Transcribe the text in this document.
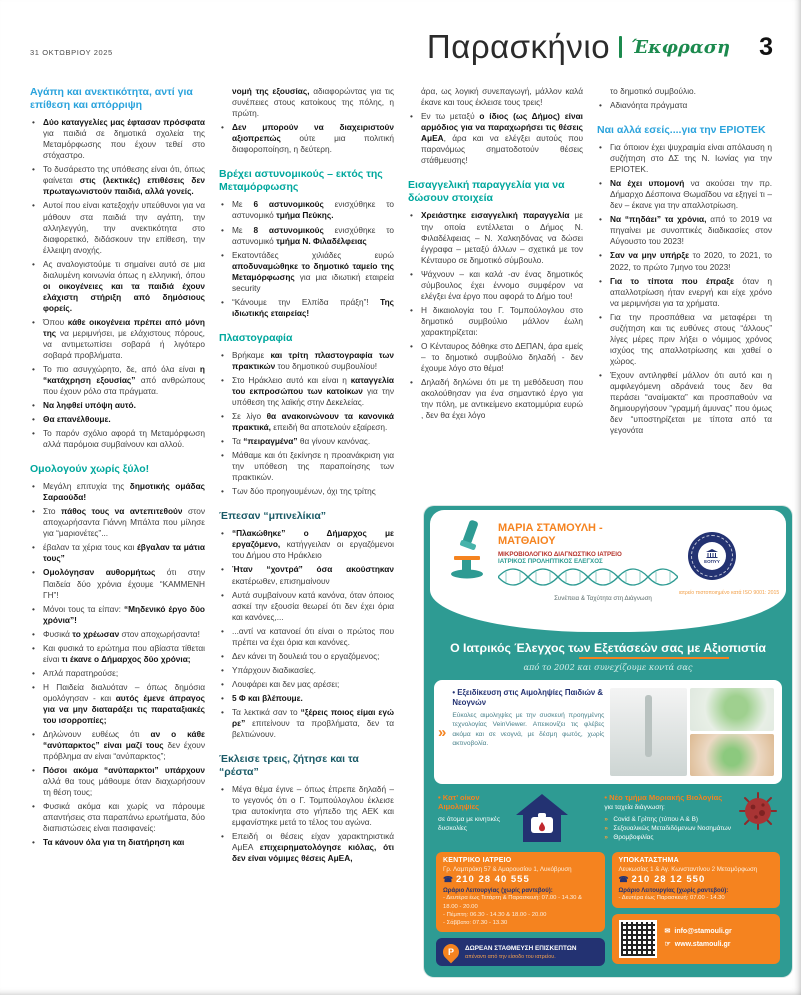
31 ΟΚΤΩΒΡΙΟΥ 2025	Παρασκήνιο Έκφραση 3
Αγάπη και ανεκτικότητα, αντί για επίθεση και απόρριψη
• Δύο καταγγελίες μας έφτασαν πρόσφατα για παιδιά σε δημοτικά σχολεία της Μεταμόρφωσης που έχουν τεθεί στο στόχαστρο.
• Το δυσάρεστο της υπόθεσης είναι ότι, όπως φαίνεται στις (λεκτικές) επιθέσεις δεν πρωταγωνιστούν παιδιά, αλλά γονείς.
• Αυτοί που είναι κατεξοχήν υπεύθυνοι για να μάθουν στα παιδιά την αγάπη, την αλληλεγγύη, την ανεκτικότητα στο διαφορετικό, διδάσκουν την επίθεση, την έλλειψη ανοχής.
• Ας αναλογιστούμε τι σημαίνει αυτό σε μια διαλυμένη κοινωνία όπως η ελληνική, όπου οι οικογένειες και τα παιδιά έχουν ελάχιστη στήριξη από δημόσιους φορείς.
• Όπου κάθε οικογένεια πρέπει από μόνη της να μεριμνήσει, με ελάχιστους πόρους, να αντιμετωπίσει σοβαρά ή λιγότερο σοβαρά προβλήματα.
• Το πιο ασυγχώρητο, δε, από όλα είναι η “κατάχρηση εξουσίας” από ανθρώπους που έχουν ρόλο στα πράγματα.
• Να ληφθεί υπόψη αυτό.
• Θα επανέλθουμε.
• Το παρόν σχόλιο αφορά τη Μεταμόρφωση αλλά παρόμοια συμβαίνουν και αλλού.
Ομολογούν χωρίς ξύλο!
• Μεγάλη επιτυχία της δημοτικής ομάδας Σαραούδα!
• Στο πάθος τους να αντεπιτεθούν στον αποχωρήσαντα Γιάννη Μπάλτα που μίλησε για “μαριονέτες”...
• έβαλαν τα χέρια τους και έβγαλαν τα μάτια τους”
• Ομολόγησαν αυθορμήτως ότι στην Παιδεία δύο χρόνια έχουμε “ΚΑΜΜΕΝΗ ΓΗ”!
• Μόνοι τους τα είπαν: “Μηδενικό έργο δύο χρόνια”!
• Φυσικά το χρέωσαν στον αποχωρήσαντα!
• Και φυσικά το ερώτημα που αβίαστα τίθεται είναι τι έκανε ο Δήμαρχος δύο χρόνια;
• Απλά παρατηρούσε;
• Η Παιδεία διαλυόταν – όπως δημόσια ομολόγησαν - και αυτός έμενε άπραγος για να μην διαταράξει τις παραταξιακές του ισορροπίες;
• Δηλώνουν ευθέως ότι αν ο κάθε “ανύπαρκτος” είναι μαζί τους δεν έχουν πρόβλημα αν είναι “ανύπαρκτος”;
• Πόσοι ακόμα “ανύπαρκτοι” υπάρχουν αλλά θα τους μάθουμε όταν διαχωρήσουν τη θέση τους;
• Φυσικά ακόμα και χωρίς να πάρουμε απαντήσεις στα παραπάνω ερωτήματα, δύο διαπιστώσεις είναι πασιφανείς:
• Τα κάνουν όλα για τη διατήρηση και

νομή της εξουσίας, αδιαφορώντας για τις συνέπειες στους κατοίκους της πόλης, η πρώτη.

• Δεν μπορούν να διαχειριστούν αξιοπρεπώς ούτε μια πολιτική διαφοροποίηση, η δεύτερη.
Βρέχει αστυνομικούς – εκτός της Μεταμόρφωσης
• Με 6 αστυνομικούς ενισχύθηκε το αστυνομικό τμήμα Πεύκης.
• Με 8 αστυνομικούς ενισχύθηκε το αστυνομικό τμήμα Ν. Φιλαδέλφειας
• Εκατοντάδες χιλιάδες ευρώ αποδυναμώθηκε το δημοτικό ταμείο της Μεταμόρφωσης για μια ιδιωτική εταιρεία security
• “Κάνουμε την Ελπίδα πράξη”! Της ιδιωτικής εταιρείας!
Πλαστογραφία
• Βρήκαμε και τρίτη πλαστογραφία των πρακτικών του δημοτικού συμβουλίου!
• Στο Ηράκλειο αυτό και είναι η καταγγελία του εκπροσώπου των κατοίκων για την υπόθεση της λαϊκής στην Δεκελείας.
• Σε λίγο θα ανακοινώνουν τα κανονικά πρακτικά, επειδή θα αποτελούν εξαίρεση.
• Τα “πειραγμένα” θα γίνουν κανόνας.
• Μάθαμε και ότι ξεκίνησε η προανάκριση για την υπόθεση της παραποίησης των πρακτικών.
• Των δύο προηγουμένων, όχι της τρίτης
Έπεσαν “μπινελίκια”
• “Πλακώθηκε” ο Δήμαρχος με εργαζόμενο, κατήγγειλαν οι εργαζόμενοι του Δήμου στο Ηράκλειο
• Ήταν “χοντρά” όσα ακούστηκαν εκατέρωθεν, επισημαίνουν
• Αυτά συμβαίνουν κατά κανόνα, όταν όποιος ασκεί την εξουσία θεωρεί ότι δεν έχει όρια και κανόνες,...
• ...αντί να κατανοεί ότι είναι ο πρώτος που πρέπει να έχει όρια και κανόνες.
• Δεν κάνει τη δουλειά του ο εργαζόμενος;
• Υπάρχουν διαδικασίες.
• Λουφάρει και δεν μας αρέσει;
• 5 Φ και βλέπουμε.
• Τα λεκτικά σαν το “ξέρεις ποιος είμαι εγώ ρε” επιτείνουν τα προβλήματα, δεν τα βελτιώνουν.
Έκλεισε τρεις, ζήτησε και τα “ρέστα”
• Μέγα θέμα έγινε – όπως έπρεπε δηλαδή – το γεγονός ότι ο Γ. Τομπούλογλου έκλεισε τρια αυτοκίνητα στο γήπεδο της ΑΕΚ και εμφανίστηκε μετά το τέλος του αγώνα.
• Επειδή οι θέσεις είχαν χαρακτηριστικά ΑμΕΑ επιχειρηματολόγησε κιόλας, ότι δεν είναι νόμιμες θέσεις ΑμΕΑ,

άρα, ως λογική συνεπαγωγή, μάλλον καλά έκανε και τους έκλεισε τους τρεις!

• Εν τω μεταξύ ο ίδιος (ως Δήμος) είναι αρμόδιος για να παραχωρήσει τις θέσεις ΑμΕΑ, άρα και να ελέγξει αυτούς που παρανόμως σηματοδοτούν θέσεις στάθμευσης!
Εισαγγελική παραγγελία για να δώσουν στοιχεία
• Χρειάστηκε εισαγγελική παραγγελία με την οποία εντέλλεται ο Δήμος Ν. Φιλαδέλφειας – Ν. Χαλκηδόνας να δώσει έγγραφα – μεταξύ άλλων – σχετικά με τον Κένταυρο σε δημοτικό σύμβουλο.
• Ψάχνουν – και καλά -αν ένας δημοτικός σύμβουλος έχει έννομο συμφέρον να ελέγξει ένα έργο που αφορά το Δήμο του!
• Η δικαιολογία του Γ. Τομπούλογλου στο δημοτικό συμβούλιο μάλλον έωλη χαρακτηρίζεται:
• Ο Κένταυρος δόθηκε στο ΔΕΠΑΝ, άρα εμείς – το δημοτικό συμβούλιο δηλαδή - δεν έχουμε λόγο στο θέμα!
• Δηλαδή δηλώνει ότι με τη μεθόδευση που ακολούθησαν για ένα σημαντικό έργο για την πόλη, με αντικείμενο εκατομμύρια ευρώ , δεν θα έχει λόγο

το δημοτικό συμβούλιο.

• Αδιανόητα πράγματα
Ναι αλλά εσείς....για την ΕΡΙΟΤΕΚ
• Για όποιον έχει ψυχραιμία είναι απόλαυση η συζήτηση στο ΔΣ της Ν. Ιωνίας για την ΕΡΙΟΤΕΚ.
• Να έχει υπομονή να ακούσει την πρ. Δήμαρχο Δέσποινα Θωμαΐδου να εξηγεί τι – δεν – έκανε για την απαλλοτρίωση.
• Να “πηδάει” τα χρόνια, από το 2019 να πηγαίνει με συνοπτικές διαδικασίες στον Αύγουστο του 2023!
• Σαν να μην υπήρξε το 2020, το 2021, το 2022, το πρώτο 7μηνο του 2023!
• Για το τίποτα που έπραξε όταν η απαλλοτρίωση ήταν ενεργή και είχε χρόνο να μεριμνήσει για τα χρήματα.
• Για την προσπάθεια να μεταφέρει τη συζήτηση και τις ευθύνες στους “άλλους” λίγες μέρες πριν λήξει ο νόμιμος χρόνος ισχύος της απαλλοτρίωσης και χαθεί ο χώρος.
• Έχουν αντιληφθεί μάλλον ότι αυτό και η αμφιλεγόμενη αδράνειά τους δεν θα περάσει “αναίμακτα” και προσπαθούν να δημιουργήσουν “γραμμή άμυνας” που όμως δεν “υποστηρίζεται με τίποτα από τα γεγονότα
ΜΑΡΙΑ ΣΤΑΜΟΥΛΗ - ΜΑΤΘΑΙΟΥ
ΜΙΚΡΟΒΙΟΛΟΓΙΚΟ ΔΙΑΓΝΩΣΤΙΚΟ ΙΑΤΡΕΙΟ
ΙΑΤΡΙΚΟΣ ΠΡΟΛΗΠΤΙΚΟΣ ΕΛΕΓΧΟΣ
Συνέπεια & Ταχύτητα στη Διάγνωση
ΕΟΠΥΥ
ιατρείο πιστοποιημένο κατά ISO 9001: 2015
Ο Ιατρικός Έλεγχος των Εξετάσεών σας με Αξιοπιστία
από το 2002 και συνεχίζουμε κοντά σας
»
• Εξειδίκευση στις Αιμοληψίες Παιδιών & Νεογνών
Εύκολες αιμοληψίες με την συσκευή προηγμένης τεχνολογίας VeinViewer. Απεικονίζει τις φλέβες ακόμα και σε νεογνά, με δέσμη φωτός, χωρίς ακτινοβολία.
• Κατ’ οίκον Αιμοληψίες
σε άτομα με κινητικές δυσκολίες
• Νέο τμήμα Μοριακής Βιολογίας
για ταχεία διάγνωση:
» Covid & Γρίπης (τύπου Α & Β)
» Σεξουαλικώς Μεταδιδόμενων Νοσημάτων
» Θρομβοφιλίας
ΚΕΝΤΡΙΚΟ ΙΑΤΡΕΙΟ
Γρ. Λαμπράκη 57 & Αμαρουσίου 1, Λυκόβρυση
☎ 210 28 40 555
Ωράριο Λειτουργίας (χωρίς ραντεβού):
- Δευτέρα έως Τετάρτη & Παρασκευή: 07.00 - 14.30 & 18.00 - 20.00
- Πέμπτη: 06.30 - 14.30 & 18.00 - 20.00
- Σάββατο: 07.30 - 13.30
P ΔΩΡΕΑΝ ΣΤΑΘΜΕΥΣΗ ΕΠΙΣΚΕΠΤΩΝ
απέναντι από την είσοδο του ιατρείου.
ΥΠΟΚΑΤΑΣΤΗΜΑ
Λευκωσίας 1 & Αγ. Κωνσταντίνου 2 Μεταμόρφωση
☎ 210 28 12 550
Ωράριο Λειτουργίας (χωρίς ραντεβού):
- Δευτέρα έως Παρασκευή: 07.00 - 14.30
✉ info@stamouli.gr
☞ www.stamouli.gr
